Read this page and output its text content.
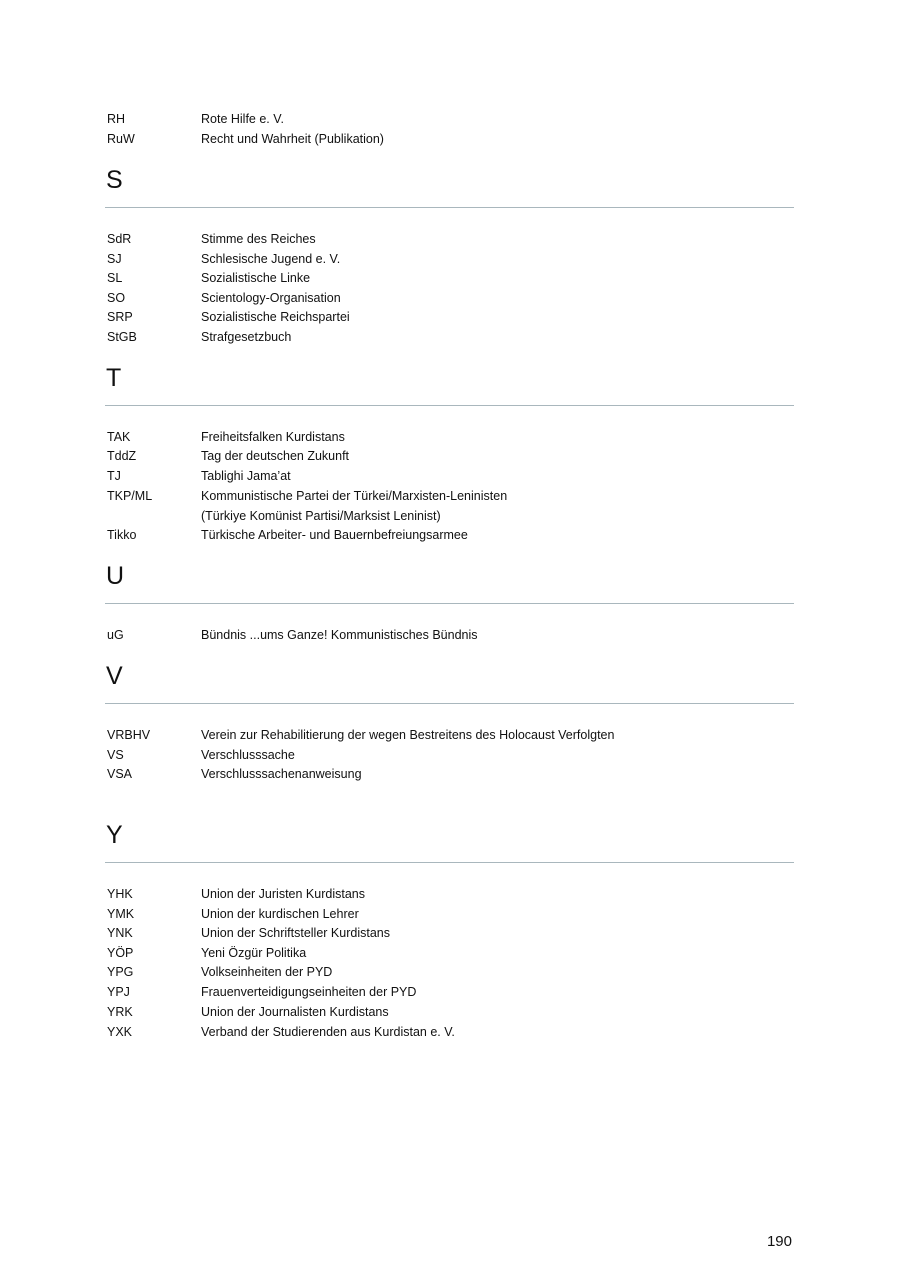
RH	Rote Hilfe e. V.
RuW	Recht und Wahrheit (Publikation)
S
SdR	Stimme des Reiches
SJ	Schlesische Jugend e. V.
SL	Sozialistische Linke
SO	Scientology-Organisation
SRP	Sozialistische Reichspartei
StGB	Strafgesetzbuch
T
TAK	Freiheitsfalken Kurdistans
TddZ	Tag der deutschen Zukunft
TJ	Tablighi Jama’at
TKP/ML	Kommunistische Partei der Türkei/Marxisten-Leninisten
(Türkiye Komünist Partisi/Marksist Leninist)
Tikko	Türkische Arbeiter- und Bauernbefreiungsarmee
U
uG	Bündnis ...ums Ganze! Kommunistisches Bündnis
V
VRBHV	Verein zur Rehabilitierung der wegen Bestreitens des Holocaust Verfolgten
VS	Verschlusssache
VSA	Verschlusssachenanweisung
Y
YHK	Union der Juristen Kurdistans
YMK	Union der kurdischen Lehrer
YNK	Union der Schriftsteller Kurdistans
YÖP	Yeni Özgür Politika
YPG	Volkseinheiten der PYD
YPJ	Frauenverteidigungseinheiten der PYD
YRK	Union der Journalisten Kurdistans
YXK	Verband der Studierenden aus Kurdistan e. V.
190
